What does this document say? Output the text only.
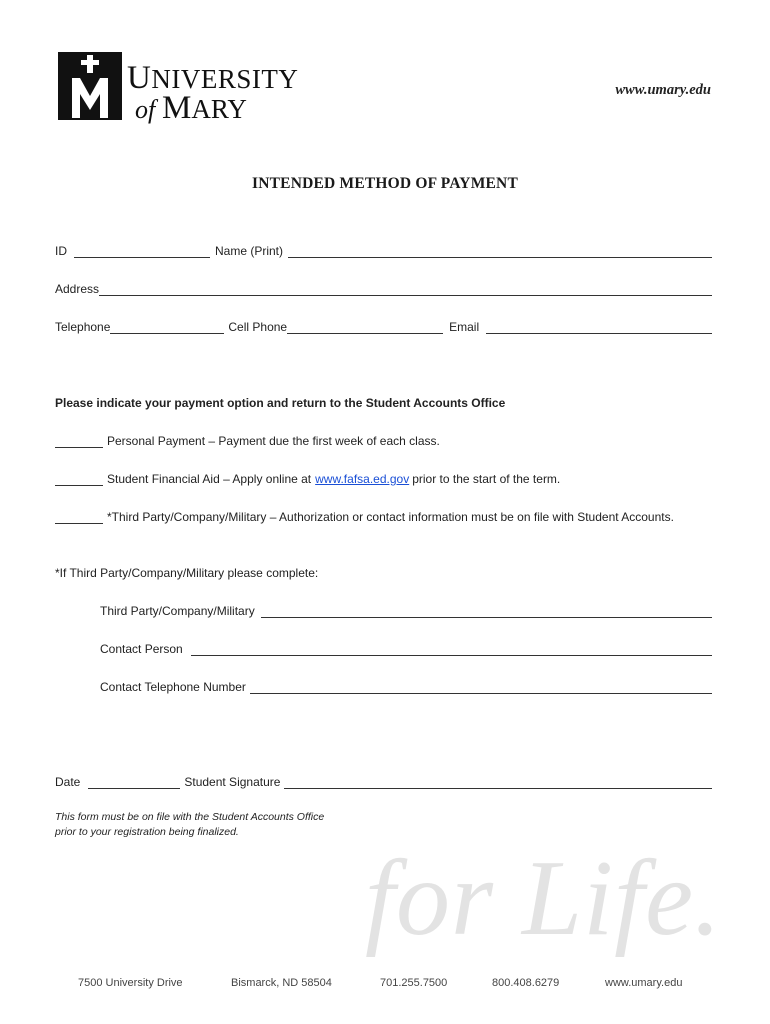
UNIVERSITY
of MARY
www.umary.edu
INTENDED METHOD OF PAYMENT
ID	Name (Print)
Address
Telephone	Cell Phone	Email
Please indicate your payment option and return to the Student Accounts Office
Personal Payment – Payment due the first week of each class.
Student Financial Aid – Apply online at www.fafsa.ed.gov prior to the start of the term.
*Third Party/Company/Military – Authorization or contact information must be on file with Student Accounts.
*If Third Party/Company/Military please complete:
Third Party/Company/Military
Contact Person
Contact Telephone Number
Date	Student Signature
This form must be on file with the Student Accounts Office
prior to your registration being finalized.
for Life.
7500 University Drive	Bismarck, ND 58504	701.255.7500	800.408.6279	www.umary.edu
